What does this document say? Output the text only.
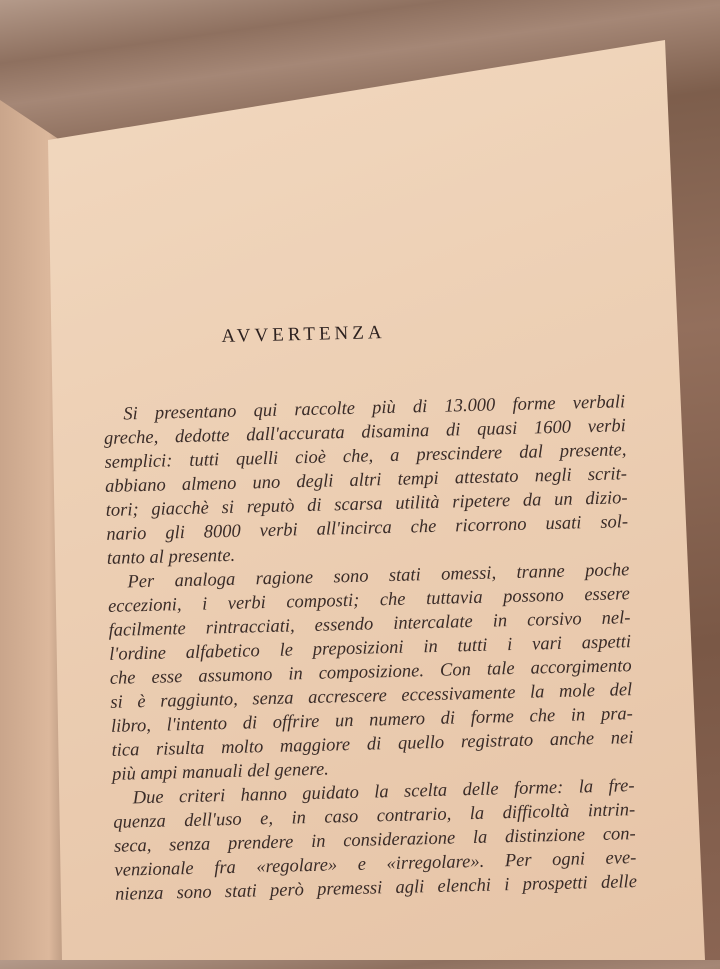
AVVERTENZA
Si presentano qui raccolte più di 13.000 forme verbali
greche, dedotte dall'accurata disamina di quasi 1600 verbi
semplici: tutti quelli cioè che, a prescindere dal presente,
abbiano almeno uno degli altri tempi attestato negli scrit-
tori; giacchè si reputò di scarsa utilità ripetere da un dizio-
nario gli 8000 verbi all'incirca che ricorrono usati sol-
tanto al presente.
Per analoga ragione sono stati omessi, tranne poche
eccezioni, i verbi composti; che tuttavia possono essere
facilmente rintracciati, essendo intercalate in corsivo nel-
l'ordine alfabetico le preposizioni in tutti i vari aspetti
che esse assumono in composizione. Con tale accorgimento
si è raggiunto, senza accrescere eccessivamente la mole del
libro, l'intento di offrire un numero di forme che in pra-
tica risulta molto maggiore di quello registrato anche nei
più ampi manuali del genere.
Due criteri hanno guidato la scelta delle forme: la fre-
quenza dell'uso e, in caso contrario, la difficoltà intrin-
seca, senza prendere in considerazione la distinzione con-
venzionale fra «regolare» e «irregolare». Per ogni eve-
nienza sono stati però premessi agli elenchi i prospetti delle
